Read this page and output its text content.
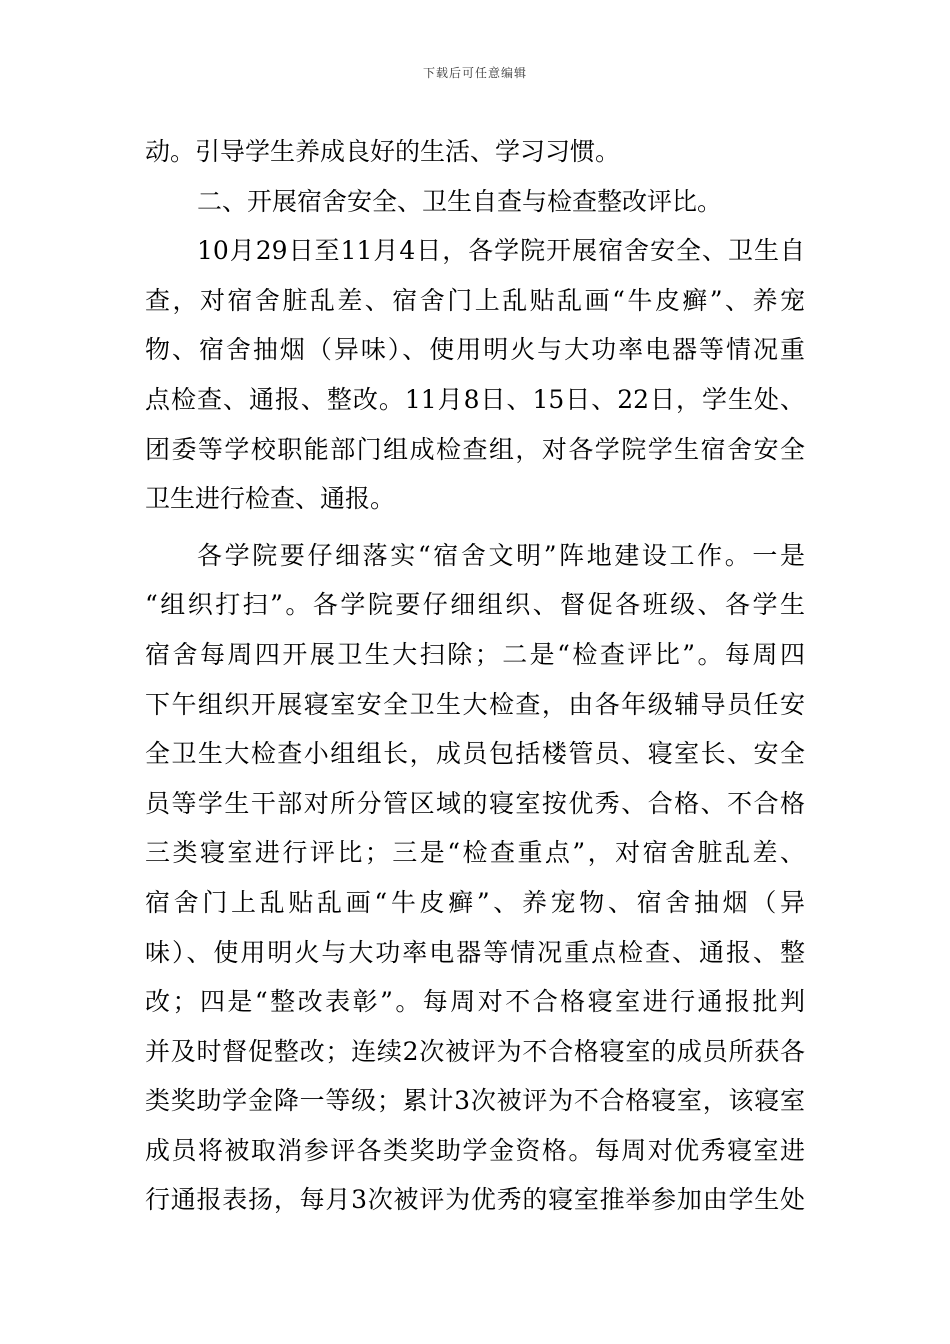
下载后可任意编辑
动。引导学生养成良好的生活、学习习惯。
二、开展宿舍安全、卫生自查与检查整改评比。
10月29日至11月4日，各学院开展宿舍安全、卫生自
查，对宿舍脏乱差、宿舍门上乱贴乱画“牛皮癣”、养宠
物、宿舍抽烟（异味）、使用明火与大功率电器等情况重
点检查、通报、整改。11月8日、15日、22日，学生处、
团委等学校职能部门组成检查组，对各学院学生宿舍安全
卫生进行检查、通报。
各学院要仔细落实“宿舍文明”阵地建设工作。一是
“组织打扫”。各学院要仔细组织、督促各班级、各学生
宿舍每周四开展卫生大扫除；二是“检查评比”。每周四
下午组织开展寝室安全卫生大检查，由各年级辅导员任安
全卫生大检查小组组长，成员包括楼管员、寝室长、安全
员等学生干部对所分管区域的寝室按优秀、合格、不合格
三类寝室进行评比；三是“检查重点”，对宿舍脏乱差、
宿舍门上乱贴乱画“牛皮癣”、养宠物、宿舍抽烟（异
味）、使用明火与大功率电器等情况重点检查、通报、整
改；四是“整改表彰”。每周对不合格寝室进行通报批判
并及时督促整改；连续2次被评为不合格寝室的成员所获各
类奖助学金降一等级；累计3次被评为不合格寝室，该寝室
成员将被取消参评各类奖助学金资格。每周对优秀寝室进
行通报表扬，每月3次被评为优秀的寝室推举参加由学生处
